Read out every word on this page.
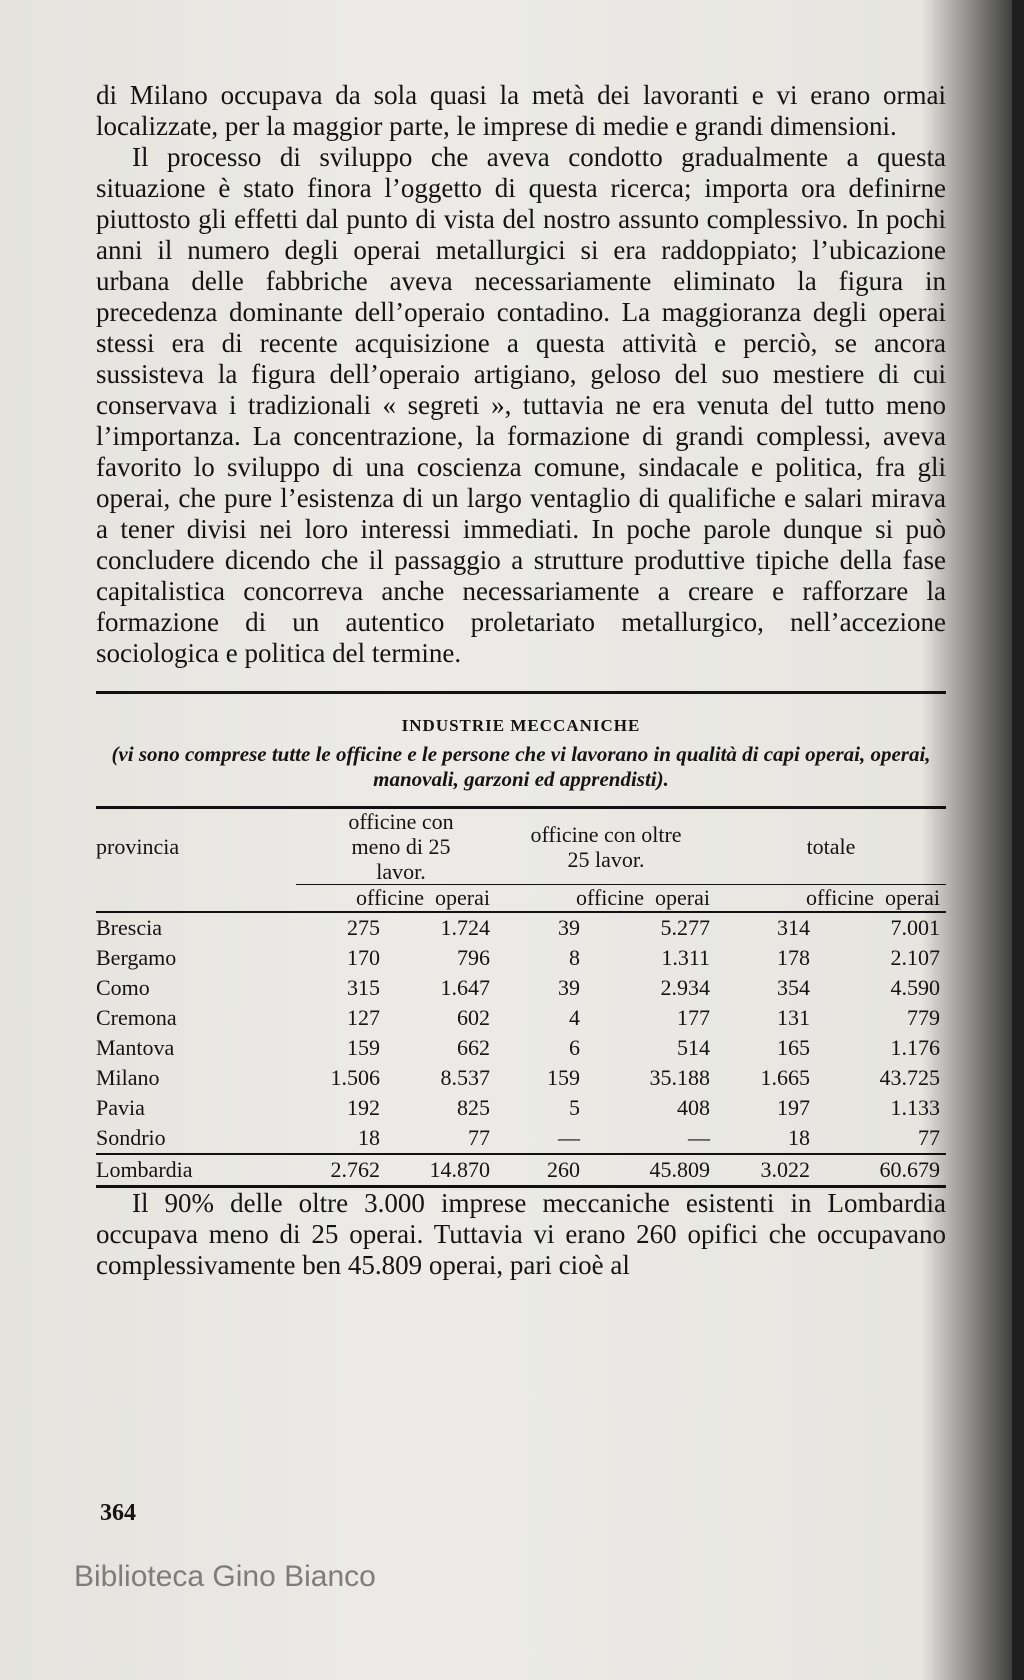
di Milano occupava da sola quasi la metà dei lavoranti e vi erano ormai localizzate, per la maggior parte, le imprese di medie e grandi dimensioni.

Il processo di sviluppo che aveva condotto gradualmente a questa situazione è stato finora l’oggetto di questa ricerca; importa ora definirne piuttosto gli effetti dal punto di vista del nostro assunto complessivo. In pochi anni il numero degli operai metallurgici si era raddoppiato; l’ubicazione urbana delle fabbriche aveva necessariamente eliminato la figura in precedenza dominante dell’operaio contadino. La maggioranza degli operai stessi era di recente acquisizione a questa attività e perciò, se ancora sussisteva la figura dell’operaio artigiano, geloso del suo mestiere di cui conservava i tradizionali « segreti », tuttavia ne era venuta del tutto meno l’importanza. La concentrazione, la formazione di grandi complessi, aveva favorito lo sviluppo di una coscienza comune, sindacale e politica, fra gli operai, che pure l’esistenza di un largo ventaglio di qualifiche e salari mirava a tener divisi nei loro interessi immediati. In poche parole dunque si può concludere dicendo che il passaggio a strutture produttive tipiche della fase capitalistica concorreva anche necessariamente a creare e rafforzare la formazione di un autentico proletariato metallurgico, nell’accezione sociologica e politica del termine.

INDUSTRIE MECCANICHE
(vi sono comprese tutte le officine e le persone che vi lavorano in qualità di capi operai, operai, manovali, garzoni ed apprendisti).
provincia	officine con meno di 25 lavor.		officine con oltre 25 lavor.		totale	
	officine operai		officine operai		officine operai	

Brescia	275	1.724	39	5.277	314	7.001
Bergamo	170	796	8	1.311	178	2.107
Como	315	1.647	39	2.934	354	4.590
Cremona	127	602	4	177	131	779
Mantova	159	662	6	514	165	1.176
Milano	1.506	8.537	159	35.188	1.665	43.725
Pavia	192	825	5	408	197	1.133
Sondrio	18	77	—	—	18	77
Lombardia	2.762	14.870	260	45.809	3.022	60.679

Il 90% delle oltre 3.000 imprese meccaniche esistenti in Lombardia occupava meno di 25 operai. Tuttavia vi erano 260 opifici che occupavano complessivamente ben 45.809 operai, pari cioè al

364
Biblioteca Gino Bianco
